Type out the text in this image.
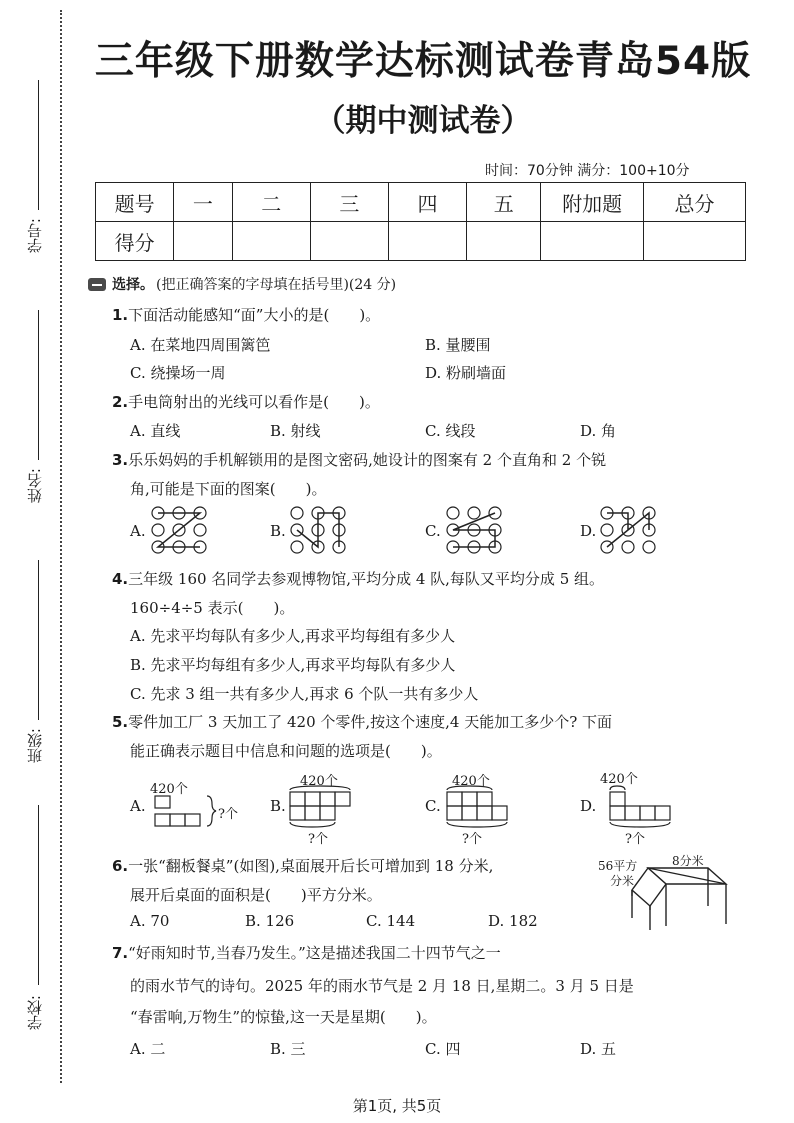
学号:
姓名:
班级:
学校:
三年级下册数学达标测试卷青岛54版
（期中测试卷）
时间：70分钟 满分：100+10分
题号	一	二	三	四	五	附加题	总分
得分							
选择。 (把正确答案的字母填在括号里)(24 分)
1.下面活动能感知“面”大小的是(　　)。
A. 在菜地四周围篱笆	B. 量腰围
C. 绕操场一周	D. 粉刷墙面
2.手电筒射出的光线可以看作是(　　)。
A. 直线	B. 射线	C. 线段	D. 角
3.乐乐妈妈的手机解锁用的是图文密码,她设计的图案有 2 个直角和 2 个锐
角,可能是下面的图案(　　)。
A.	B.	C.	D.
4.三年级 160 名同学去参观博物馆,平均分成 4 队,每队又平均分成 5 组。
160÷4÷5 表示(　　)。
A. 先求平均每队有多少人,再求平均每组有多少人
B. 先求平均每组有多少人,再求平均每队有多少人
C. 先求 3 组一共有多少人,再求 6 个队一共有多少人
5.零件加工厂 3 天加工了 420 个零件,按这个速度,4 天能加工多少个? 下面
能正确表示题目中信息和问题的选项是(　　)。
A.
420个
?个 B.
420个
?个
C.
420个
?个
D.
420个
?个
6.一张“翻板餐桌”(如图),桌面展开后长可增加到 18 分米,
展开后桌面的面积是(　　)平方分米。
A. 70	B. 126	C. 144	D. 182
56平方
分米
8分米
7.“好雨知时节,当春乃发生。”这是描述我国二十四节气之一
的雨水节气的诗句。2025 年的雨水节气是 2 月 18 日,星期二。3 月 5 日是
“春雷响,万物生”的惊蛰,这一天是星期(　　)。
A. 二	B. 三	C. 四	D. 五
第1页, 共5页
